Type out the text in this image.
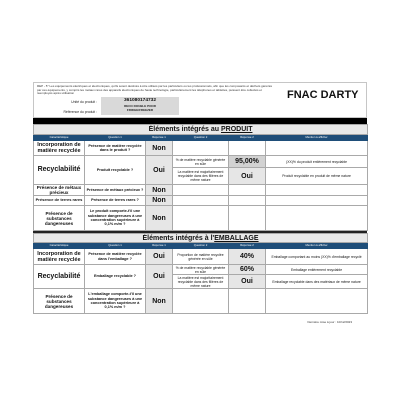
REP - 5° Les équipements électriques et électroniques, qu'ils soient destinés à être utilisés par les particuliers ou les professionnels, afin que les composants et déchets générés par ces équipements, y compris les métaux rares des appareils électroniques de haute technologie, particulièrement les téléphones et tablettes, puissent être collectés et réemployés après utilisation
Unité du produit :	361080174732
RECO DOUBLE POOR
FRIDGE/FREEZER
Référence du produit :
FNAC DARTY
Éléments intégrés au PRODUIT					
Caractéristique	Question 1	Réponse 1	Question 2	Réponse 2	Mention à afficher
Incorporation de matière recyclée	Présence de matière recyclée dans le produit ?	Non			
Recyclabilité	Produit recyclable ?	Oui	% de matière recyclable générée en sûle	95,00%	(XX)% du produit entièrement recyclable
			La matière est majoritairement recyclable dans des filières de même nature	Oui	Produit recyclable en produit de même nature
Présence de métaux précieux	Présence de métaux précieux ?	Non			
Présence de terres rares	Présence de terres rares ?	Non			
Présence de substances dangereuses	Le produit comporte-t'il une substance dangereuses à une concentration supérieure à 0,1% m/m ?	Non			
Éléments intégrés à l'EMBALLAGE					
Caractéristique	Question 1	Réponse 1	Question 2	Réponse 2	Mention à afficher
Incorporation de matière recyclée	Présence de matière recyclée dans l'emballage ?	Oui	Proportion de matière recyclée générée en sûle	40%	Emballage comportant au moins (XX)% d'emballage recyclé
Recyclabilité	Emballage recyclable ?	Oui	% de matière recyclable générée en sûle	60%	Emballage entièrement recyclable
			La matière est majoritairement recyclable dans des filières de même nature	Oui	Emballage recyclable dans des matériaux de même nature
Présence de substances dangereuses	L'emballage comporte-t'il une substance dangereuses à une concentration supérieure à 0,1% m/m ?	Non			
Dernière mise à jour : 10/12/2023
